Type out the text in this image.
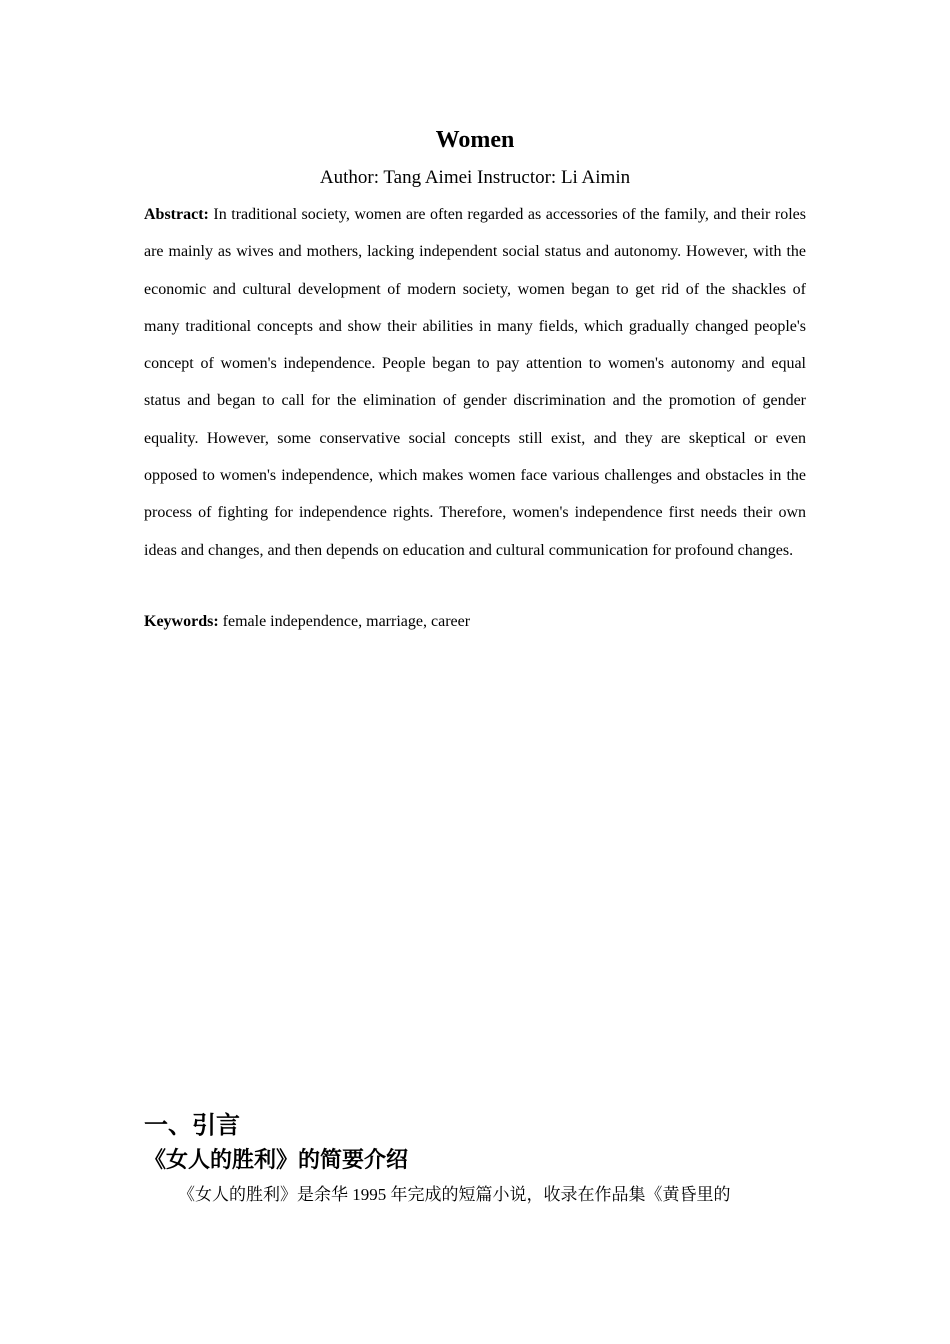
Women
Author: Tang Aimei Instructor: Li Aimin

Abstract: In traditional society, women are often regarded as accessories of the family, and their roles are mainly as wives and mothers, lacking independent social status and autonomy. However, with the economic and cultural development of modern society, women began to get rid of the shackles of many traditional concepts and show their abilities in many fields, which gradually changed people's concept of women's independence. People began to pay attention to women's autonomy and equal status and began to call for the elimination of gender discrimination and the promotion of gender equality. However, some conservative social concepts still exist, and they are skeptical or even opposed to women's independence, which makes women face various challenges and obstacles in the process of fighting for independence rights. Therefore, women's independence first needs their own ideas and changes, and then depends on education and cultural communication for profound changes.

Keywords: female independence, marriage, career

一、引言
《女人的胜利》的简要介绍

《女人的胜利》是余华 1995 年完成的短篇小说，收录在作品集《黄昏里的
